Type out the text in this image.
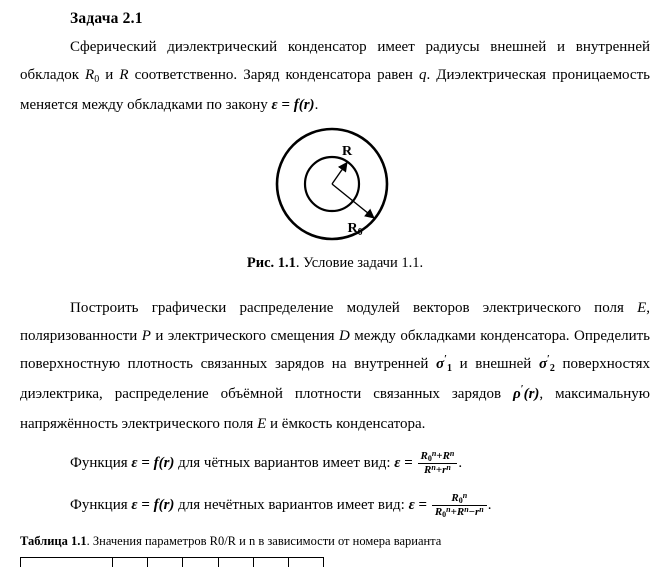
Задача 2.1

Сферический диэлектрический конденсатор имеет радиусы внешней и внутренней обкладок $R_0$ и R соответственно. Заряд конденсатора равен q. Диэлектрическая проницаемость меняется между обкладками по закону ε = f(r).

R
$R_0$
Рис. 1.1. Условие задачи 1.1.

Построить графически распределение модулей векторов электрического поля E, поляризованности P и электрического смещения D между обкладками конденсатора. Определить поверхностную плотность связанных зарядов на внутренней $\sigma'_1$ и внешней $\sigma'_2$ поверхностях диэлектрика, распределение объёмной плотности связанных зарядов ρ′(r), максимальную напряжённость электрического поля E и ёмкость конденсатора.

Функция ε = f(r) для чётных вариантов имеет вид: $\varepsilon = \frac{R0^n+R^n}{R^n+r^n}$ .
Функция ε = f(r) для нечётных вариантов имеет вид: $\varepsilon = \frac{R0^n}{R0^n+R^n-r^n}$ .
Таблица 1.1. Значения параметров R0/R и n в зависимости от номера варианта
